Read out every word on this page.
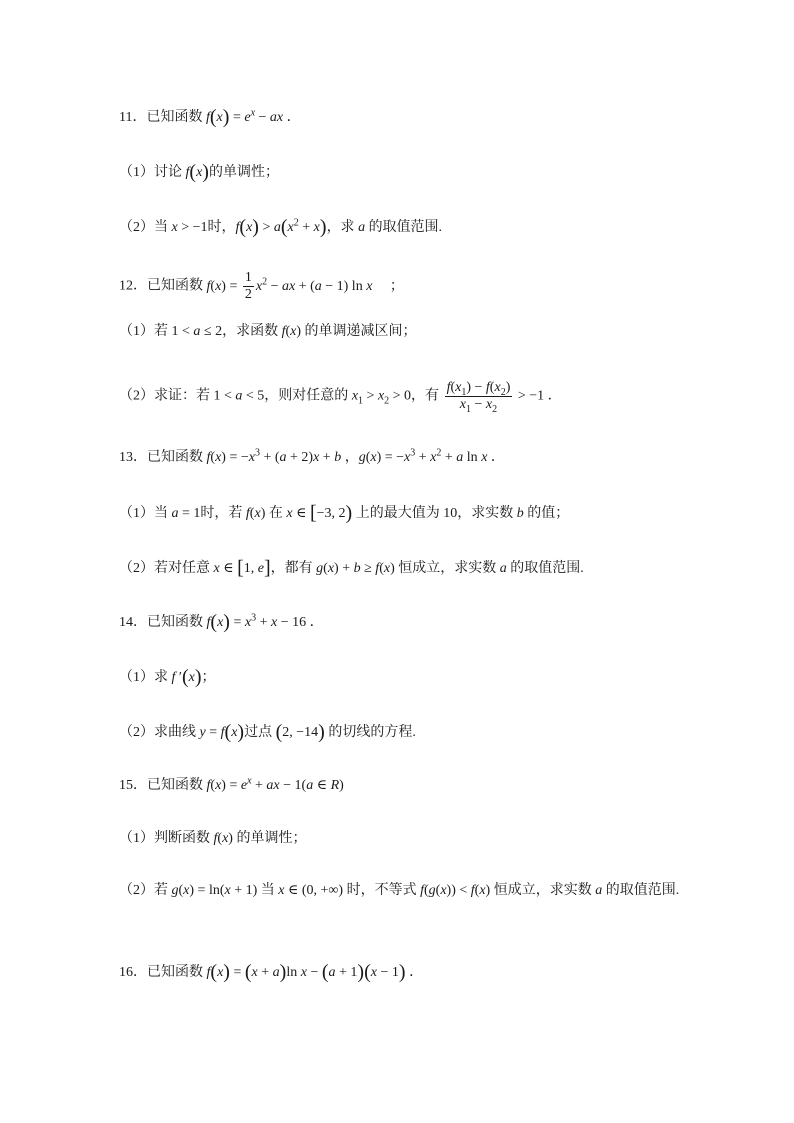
11．已知函数 $f(x) = e^x$ − ax ．
（1）讨论 f(x)的单调性；
（2）当 x > −1时，$f(x) > a(x^2 + x)$，求 a 的取值范围.
12．已知函数 $f(x) = \frac{1}{2} x^2$ − ax + (a − 1) ln x     ；
（1）若 1 < a ≤ 2，求函数 f(x) 的单调递减区间；
（2）求证：若 1 < a < 5，则对任意的 $x_1 > x_2 > 0$，有 $\frac{f(x_1) - f(x_2)}{x_1 - x_2} > -1$ ．
13．已知函数 $f(x) = -x^3 + (a + 2)x + b$ ，$g(x) = -x^3 + x^2 + a$ ln x ．
（1）当 a = 1时，若 f(x) 在 x ∈ [−3, 2) 上的最大值为 10，求实数 b 的值；
（2）若对任意 x ∈ [1, e]，都有 g(x) + b ≥ f(x) 恒成立，求实数 a 的取值范围.
14．已知函数 $f(x) = x^3 + x - 16$ ．
（1）求 f ′(x)；
（2）求曲线 y = f(x)过点 (2, −14) 的切线的方程.
15．已知函数 $f(x) = e^x$ + ax − 1(a ∈ R)
（1）判断函数 f(x) 的单调性；
（2）若 g(x) = ln(x + 1) 当 x ∈ (0, +∞) 时，不等式 f(g(x)) < f(x) 恒成立，求实数 a 的取值范围.
16．已知函数 f(x) = (x + a)ln x − (a + 1)(x − 1) ．
